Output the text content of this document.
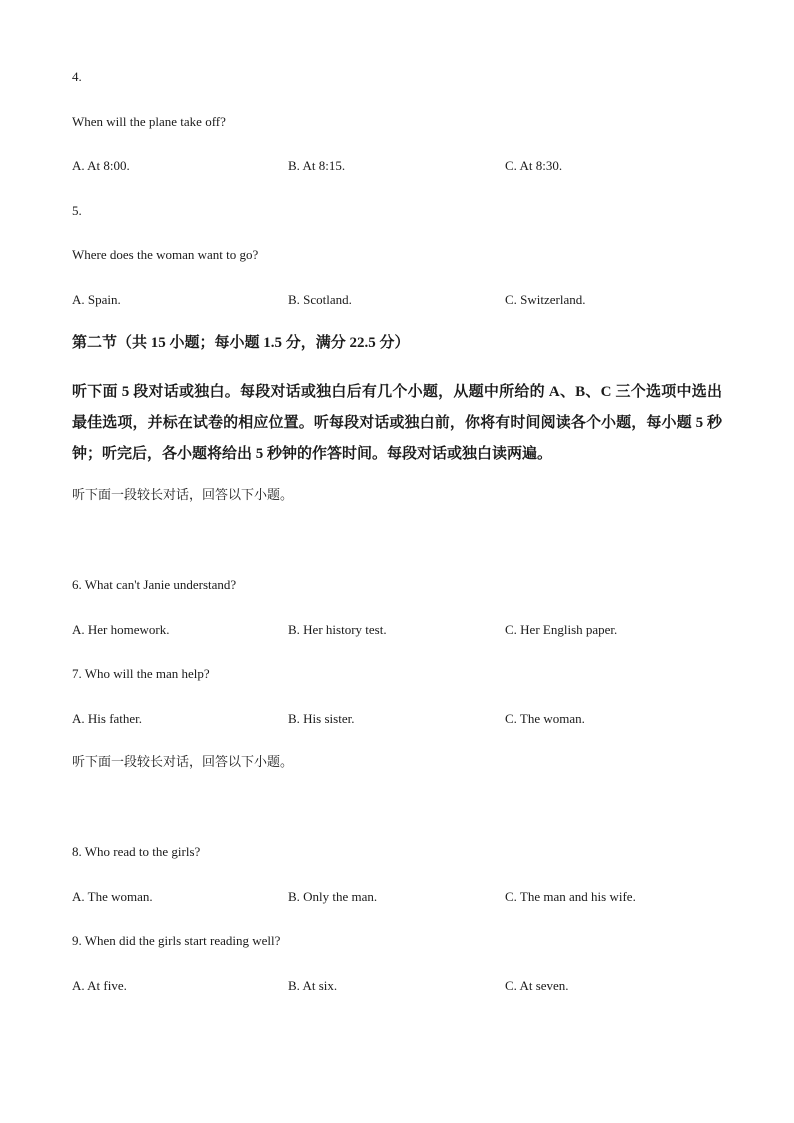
4.
When will the plane take off?
A. At 8:00.	B. At 8:15.	C. At 8:30.
5.
Where does the woman want to go?
A. Spain.	B. Scotland.	C. Switzerland.
第二节（共 15 小题；每小题 1.5 分，满分 22.5 分）
听下面 5 段对话或独白。每段对话或独白后有几个小题，从题中所给的 A、B、C 三个选项中选出最佳选项，并标在试卷的相应位置。听每段对话或独白前，你将有时间阅读各个小题，每小题 5 秒钟；听完后，各小题将给出 5 秒钟的作答时间。每段对话或独白读两遍。
听下面一段较长对话，回答以下小题。
6. What can't Janie understand?
A. Her homework.	B. Her history test.	C. Her English paper.
7. Who will the man help?
A. His father.	B. His sister.	C. The woman.
听下面一段较长对话，回答以下小题。
8. Who read to the girls?
A. The woman.	B. Only the man.	C. The man and his wife.
9. When did the girls start reading well?
A. At five.	B. At six.	C. At seven.
